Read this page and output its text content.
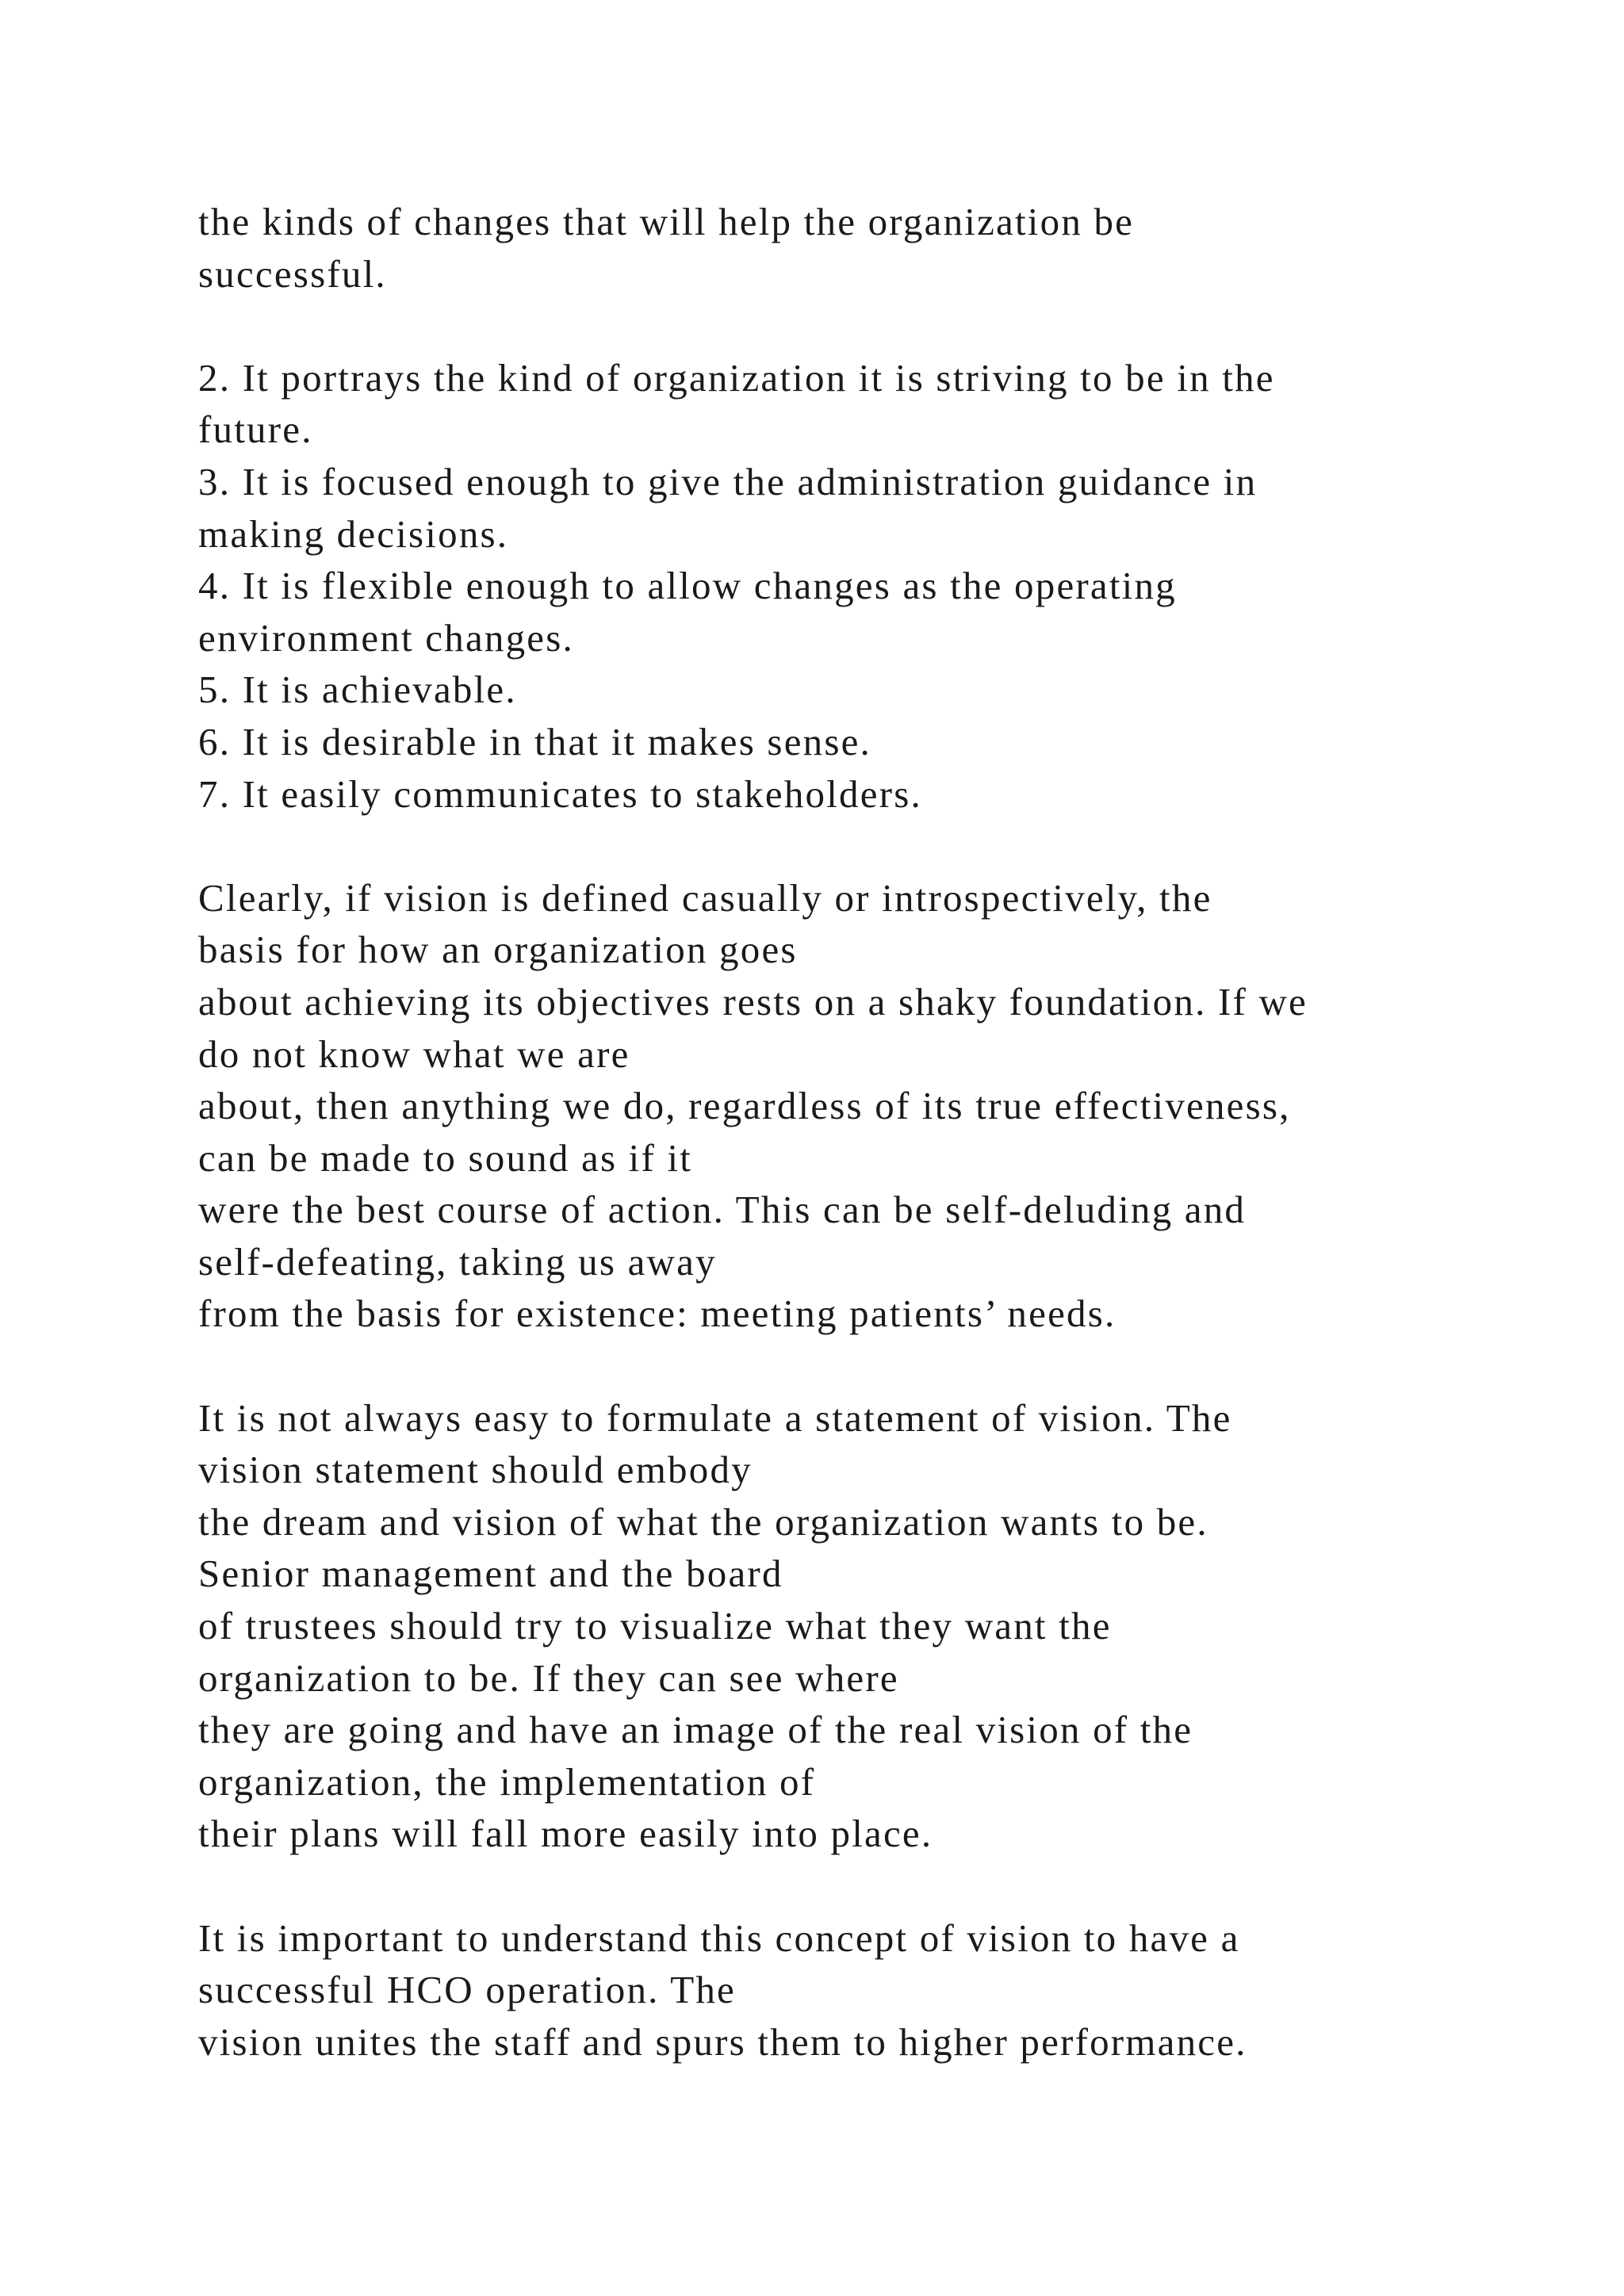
the kinds of changes that will help the organization be
successful.
2. It portrays the kind of organization it is striving to be in the
future.
3. It is focused enough to give the administration guidance in
making decisions.
4. It is flexible enough to allow changes as the operating
environment changes.
5. It is achievable.
6. It is desirable in that it makes sense.
7. It easily communicates to stakeholders.
Clearly, if vision is defined casually or introspectively, the
basis for how an organization goes
about achieving its objectives rests on a shaky foundation. If we
do not know what we are
about, then anything we do, regardless of its true effectiveness,
can be made to sound as if it
were the best course of action. This can be self-deluding and
self-defeating, taking us away
from the basis for existence: meeting patients’ needs.
It is not always easy to formulate a statement of vision. The
vision statement should embody
the dream and vision of what the organization wants to be.
Senior management and the board
of trustees should try to visualize what they want the
organization to be. If they can see where
they are going and have an image of the real vision of the
organization, the implementation of
their plans will fall more easily into place.
It is important to understand this concept of vision to have a
successful HCO operation. The
vision unites the staff and spurs them to higher performance.
